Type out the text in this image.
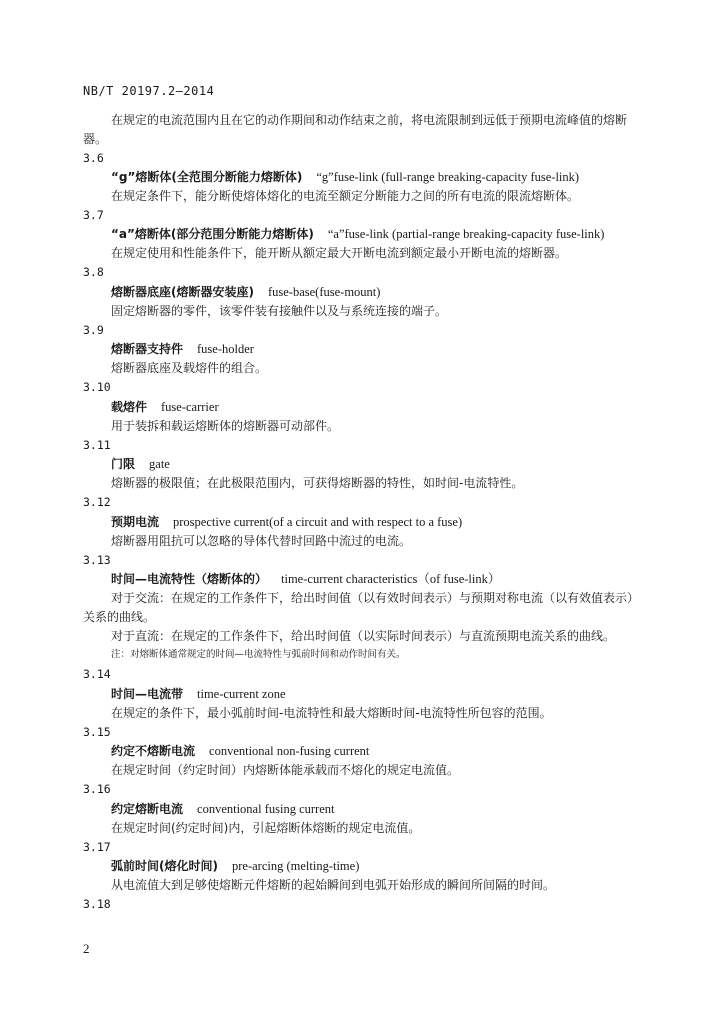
NB/T 20197.2—2014
在规定的电流范围内且在它的动作期间和动作结束之前，将电流限制到远低于预期电流峰值的熔断
器。
3.6
“g”熔断体(全范围分断能力熔断体) “g”fuse-link (full-range breaking-capacity fuse-link)
在规定条件下，能分断使熔体熔化的电流至额定分断能力之间的所有电流的限流熔断体。
3.7
“a”熔断体(部分范围分断能力熔断体) “a”fuse-link (partial-range breaking-capacity fuse-link)
在规定使用和性能条件下，能开断从额定最大开断电流到额定最小开断电流的熔断器。
3.8
熔断器底座(熔断器安装座) fuse-base(fuse-mount)
固定熔断器的零件，该零件装有接触件以及与系统连接的端子。
3.9
熔断器支持件 fuse-holder
熔断器底座及载熔件的组合。
3.10
载熔件 fuse-carrier
用于装拆和载运熔断体的熔断器可动部件。
3.11
门限 gate
熔断器的极限值；在此极限范围内，可获得熔断器的特性，如时间-电流特性。
3.12
预期电流 prospective current(of a circuit and with respect to a fuse)
熔断器用阻抗可以忽略的导体代替时回路中流过的电流。
3.13
时间—电流特性（熔断体的） time-current characteristics（of fuse-link）
对于交流：在规定的工作条件下，给出时间值（以有效时间表示）与预期对称电流（以有效值表示）
关系的曲线。
对于直流：在规定的工作条件下，给出时间值（以实际时间表示）与直流预期电流关系的曲线。
注：对熔断体通常规定的时间—电流特性与弧前时间和动作时间有关。
3.14
时间—电流带 time-current zone
在规定的条件下，最小弧前时间-电流特性和最大熔断时间-电流特性所包容的范围。
3.15
约定不熔断电流 conventional non-fusing current
在规定时间（约定时间）内熔断体能承载而不熔化的规定电流值。
3.16
约定熔断电流 conventional fusing current
在规定时间(约定时间)内，引起熔断体熔断的规定电流值。
3.17
弧前时间(熔化时间) pre-arcing (melting-time)
从电流值大到足够使熔断元件熔断的起始瞬间到电弧开始形成的瞬间所间隔的时间。
3.18
2
